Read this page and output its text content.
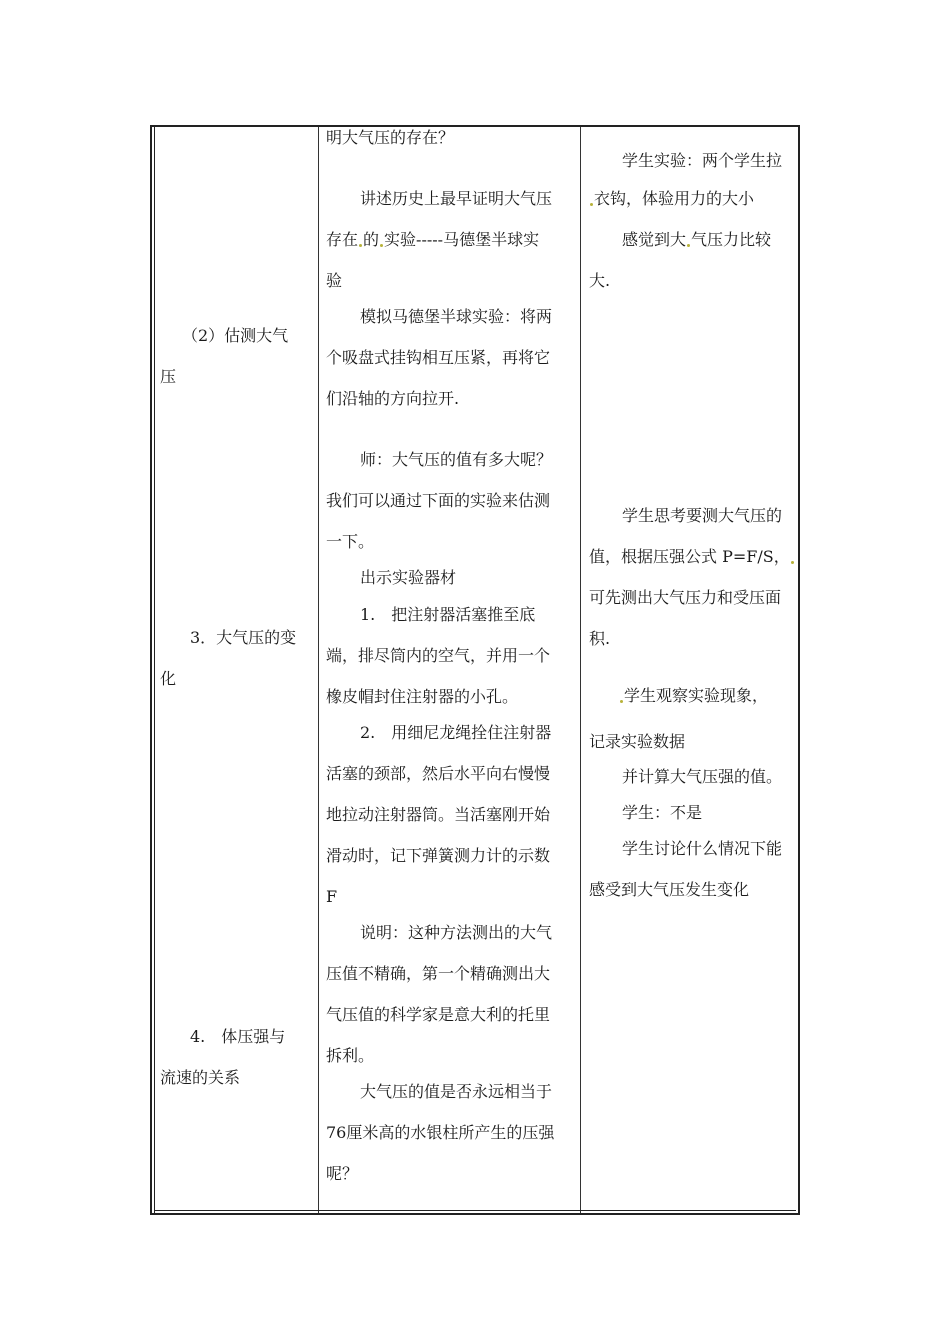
（2）估测大气
压
3．大气压的变
化
4.　体压强与
流速的关系
明大气压的存在？
讲述历史上最早证明大气压
存在 的 实验-----马德堡半球实
验
模拟马德堡半球实验：将两
个吸盘式挂钩相互压紧，再将它
们沿轴的方向拉开.
师：大气压的值有多大呢？
我们可以通过下面的实验来估测
一下。
出示实验器材
1.　把注射器活塞推至底
端，排尽筒内的空气，并用一个
橡皮帽封住注射器的小孔。
2.　用细尼龙绳拴住注射器
活塞的颈部，然后水平向右慢慢
地拉动注射器筒。当活塞刚开始
滑动时，记下弹簧测力计的示数
F
说明：这种方法测出的大气
压值不精确，第一个精确测出大
气压值的科学家是意大利的托里
拆利。
大气压的值是否永远相当于
76厘米高的水银柱所产生的压强
呢？
学生实验：两个学生拉
衣钩，体验用力的大小
感觉到大 气压力比较
大.
学生思考要测大气压的
值，根据压强公式 P=F/S，
可先测出大气压力和受压面
积.
学生观察实验现象，
记录实验数据
并计算大气压强的值。
学生：不是
学生讨论什么情况下能
感受到大气压发生变化
